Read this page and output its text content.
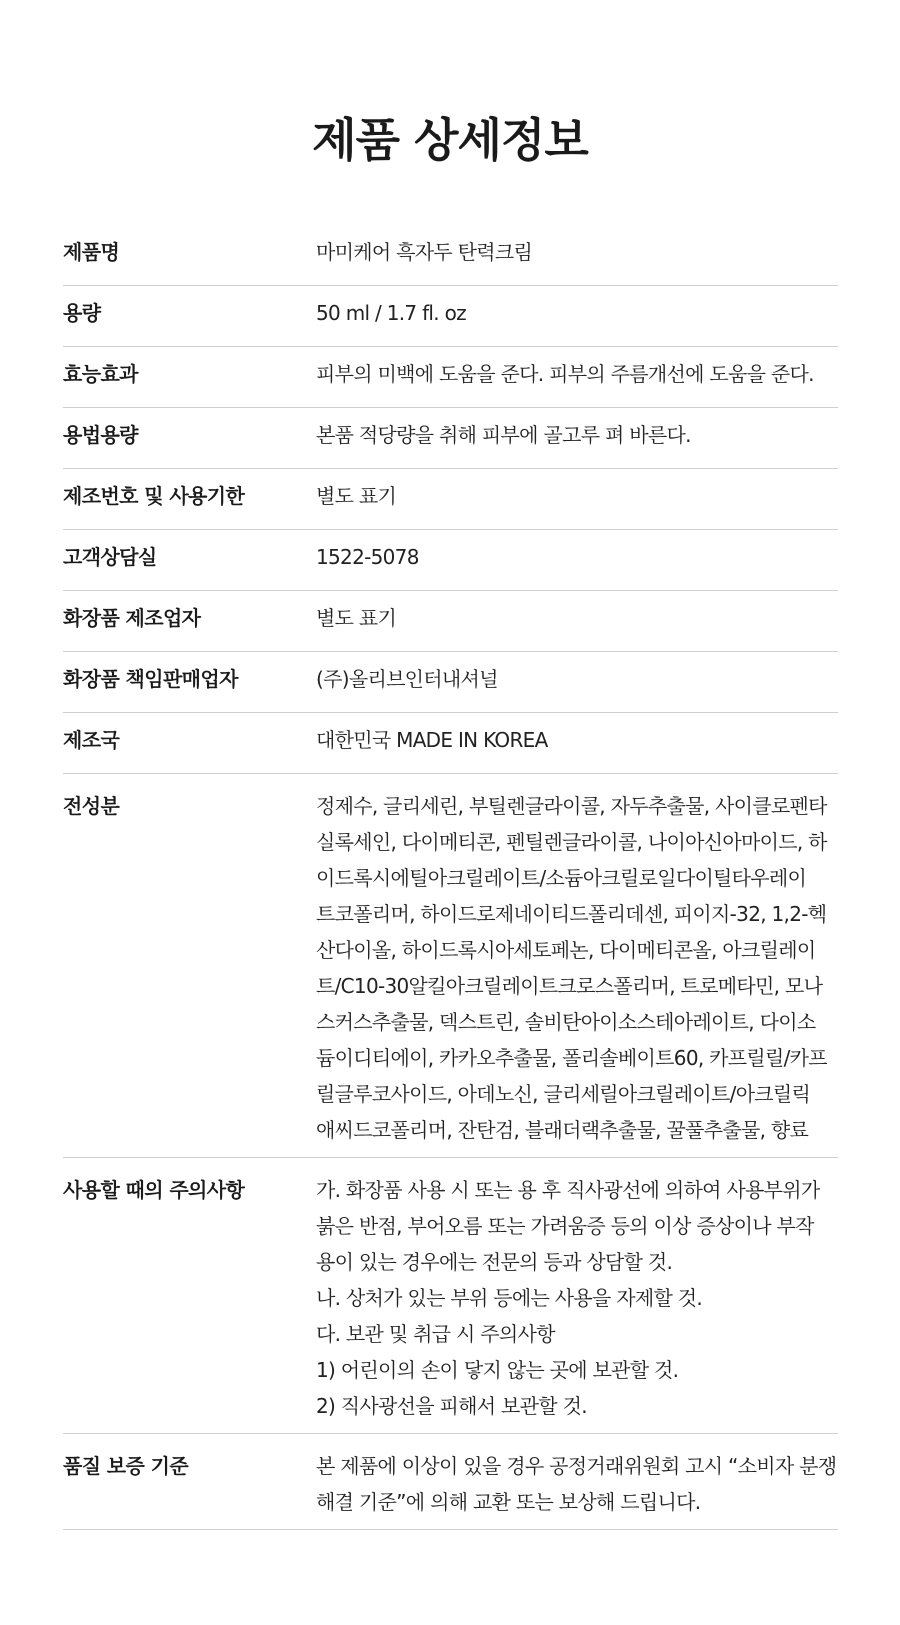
제품 상세정보
제품명	마미케어 흑자두 탄력크림
용량	50 ml / 1.7 fl. oz
효능효과	피부의 미백에 도움을 준다. 피부의 주름개선에 도움을 준다.
용법용량	본품 적당량을 취해 피부에 골고루 펴 바른다.
제조번호 및 사용기한	별도 표기
고객상담실	1522-5078
화장품 제조업자	별도 표기
화장품 책임판매업자	(주)올리브인터내셔널
제조국	대한민국 MADE IN KOREA
전성분	정제수, 글리세린, 부틸렌글라이콜, 자두추출물, 사이클로펜타
실록세인, 다이메티콘, 펜틸렌글라이콜, 나이아신아마이드, 하
이드록시에틸아크릴레이트/소듐아크릴로일다이틸타우레이
트코폴리머, 하이드로제네이티드폴리데센, 피이지-32, 1,2-헥
산다이올, 하이드록시아세토페논, 다이메티콘올, 아크릴레이
트/C10-30알킬아크릴레이트크로스폴리머, 트로메타민, 모나
스커스추출물, 덱스트린, 솔비탄아이소스테아레이트, 다이소
듐이디티에이, 카카오추출물, 폴리솔베이트60, 카프릴릴/카프
릴글루코사이드, 아데노신, 글리세릴아크릴레이트/아크릴릭
애씨드코폴리머, 잔탄검, 블래더랙추출물, 꿀풀추출물, 향료
사용할 때의 주의사항	가. 화장품 사용 시 또는 용 후 직사광선에 의하여 사용부위가
붉은 반점, 부어오름 또는 가려움증 등의 이상 증상이나 부작
용이 있는 경우에는 전문의 등과 상담할 것.
나. 상처가 있는 부위 등에는 사용을 자제할 것.
다. 보관 및 취급 시 주의사항
1) 어린이의 손이 닿지 않는 곳에 보관할 것.
2) 직사광선을 피해서 보관할 것.
품질 보증 기준	본 제품에 이상이 있을 경우 공정거래위원회 고시 “소비자 분쟁
해결 기준”에 의해 교환 또는 보상해 드립니다.
